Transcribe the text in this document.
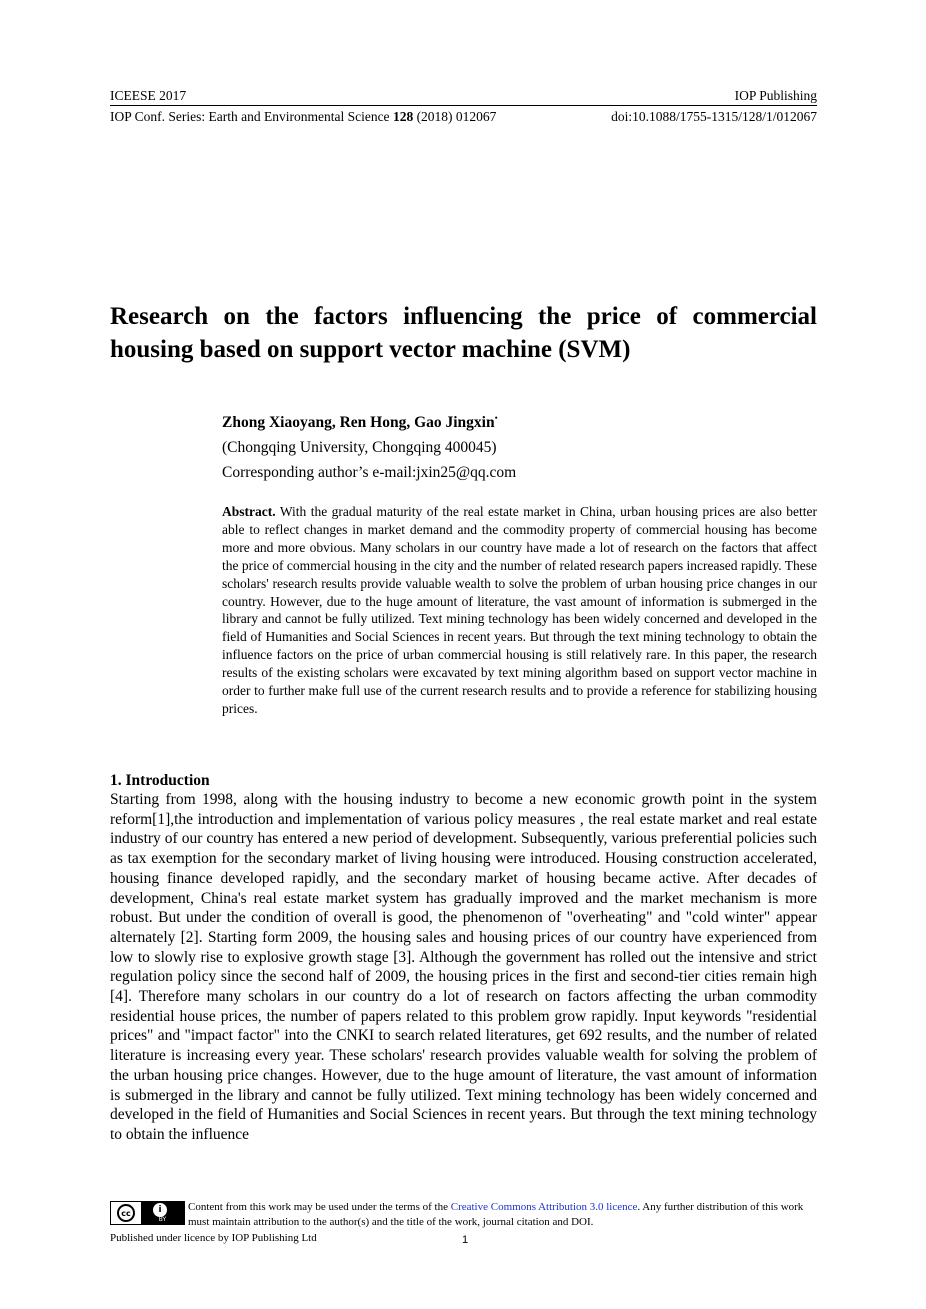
ICEESE 2017	IOP Publishing
IOP Conf. Series: Earth and Environmental Science 128 (2018) 012067	doi:10.1088/1755-1315/128/1/012067
Research on the factors influencing the price of commercial housing based on support vector machine (SVM)
Zhong Xiaoyang, Ren Hong, Gao Jingxin•
(Chongqing University, Chongqing 400045)
Corresponding author’s e-mail:jxin25@qq.com

Abstract. With the gradual maturity of the real estate market in China, urban housing prices are also better able to reflect changes in market demand and the commodity property of commercial housing has become more and more obvious. Many scholars in our country have made a lot of research on the factors that affect the price of commercial housing in the city and the number of related research papers increased rapidly. These scholars' research results provide valuable wealth to solve the problem of urban housing price changes in our country. However, due to the huge amount of literature, the vast amount of information is submerged in the library and cannot be fully utilized. Text mining technology has been widely concerned and developed in the field of Humanities and Social Sciences in recent years. But through the text mining technology to obtain the influence factors on the price of urban commercial housing is still relatively rare. In this paper, the research results of the existing scholars were excavated by text mining algorithm based on support vector machine in order to further make full use of the current research results and to provide a reference for stabilizing housing prices.

1. Introduction

Starting from 1998, along with the housing industry to become a new economic growth point in the system reform[1],the introduction and implementation of various policy measures , the real estate market and real estate industry of our country has entered a new period of development. Subsequently, various preferential policies such as tax exemption for the secondary market of living housing were introduced. Housing construction accelerated, housing finance developed rapidly, and the secondary market of housing became active. After decades of development, China's real estate market system has gradually improved and the market mechanism is more robust. But under the condition of overall is good, the phenomenon of "overheating" and "cold winter" appear alternately [2]. Starting form 2009, the housing sales and housing prices of our country have experienced from low to slowly rise to explosive growth stage [3]. Although the government has rolled out the intensive and strict regulation policy since the second half of 2009, the housing prices in the first and second-tier cities remain high [4]. Therefore many scholars in our country do a lot of research on factors affecting the urban commodity residential house prices, the number of papers related to this problem grow rapidly. Input keywords "residential prices" and "impact factor" into the CNKI to search related literatures, get 692 results, and the number of related literature is increasing every year. These scholars' research provides valuable wealth for solving the problem of the urban housing price changes. However, due to the huge amount of literature, the vast amount of information is submerged in the library and cannot be fully utilized. Text mining technology has been widely concerned and developed in the field of Humanities and Social Sciences in recent years. But through the text mining technology to obtain the influence

cc	i
BY
Content from this work may be used under the terms of the Creative Commons Attribution 3.0 licence. Any further distribution of this work must maintain attribution to the author(s) and the title of the work, journal citation and DOI.
Published under licence by IOP Publishing Ltd	1
